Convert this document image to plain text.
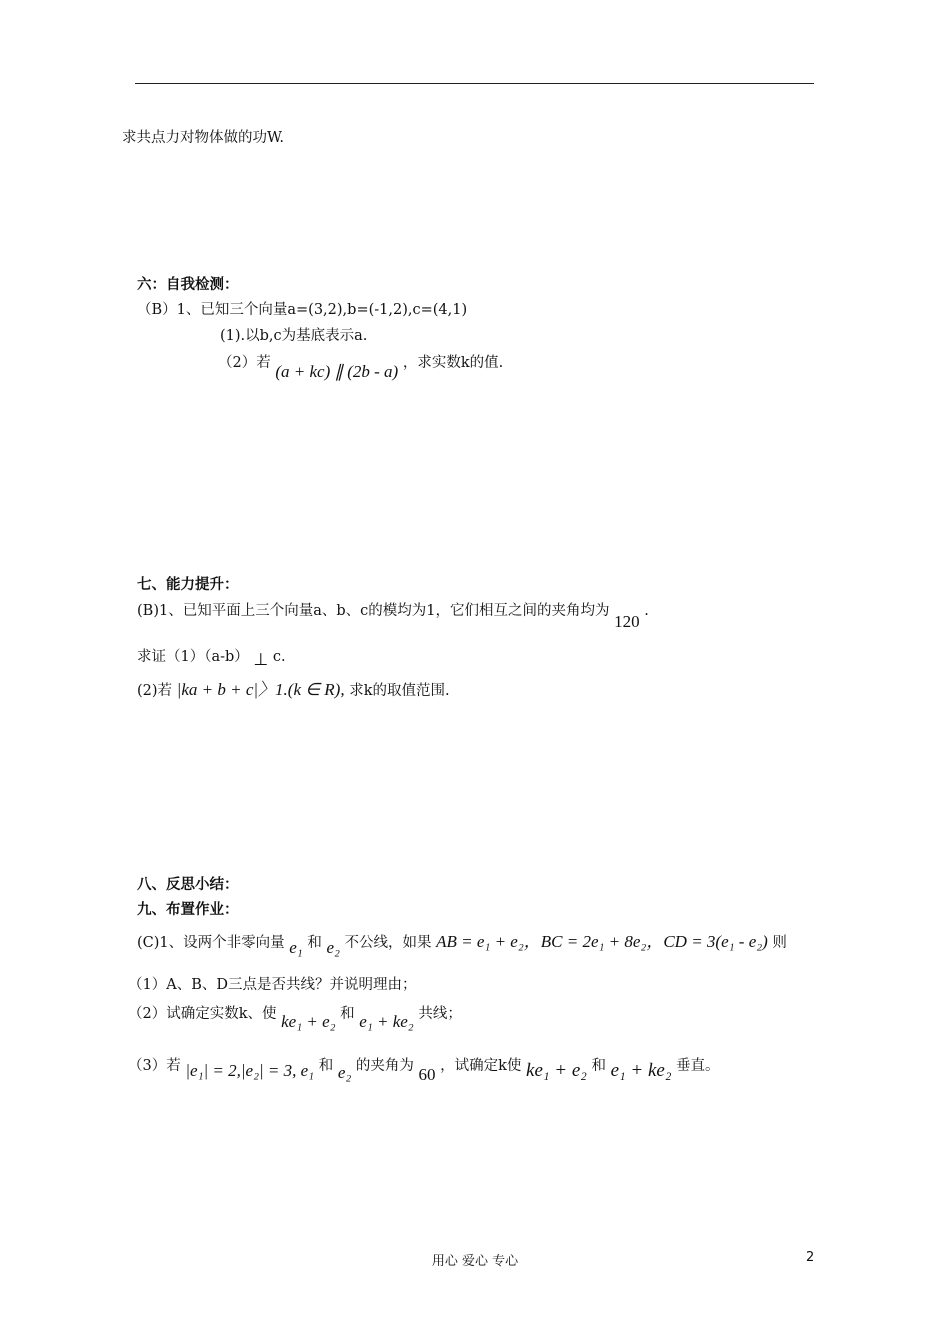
求共点力对物体做的功W.
六：自我检测：
（B）1、已知三个向量a=(3,2),b=(-1,2),c=(4,1)
(1).以b,c为基底表示a.
（2）若 (a + kc) ∥ (2b - a) ，求实数k的值.
七、能力提升：
(B)1、已知平面上三个向量a、b、c的模均为1，它们相互之间的夹角均为 120 .
求证（1）（a-b） ⊥ c.
(2)若 |ka + b + c|〉1.(k ∈ R), 求k的取值范围.
八、反思小结：
九、布置作业：
(C)1、设两个非零向量 e₁ 和 e₂ 不公线，如果 AB = e₁ + e₂，BC = 2e₁ + 8e₂，CD = 3(e₁ - e₂) 则
（1）A、B、D三点是否共线？并说明理由；
（2）试确定实数k、使 ke₁ + e₂ 和 e₁ + ke₂ 共线；
（3）若 |e₁| = 2,|e₂| = 3, e₁ 和 e₂ 的夹角为 60 ，试确定k使 ke₁ + e₂ 和 e₁ + ke₂ 垂直。
用心 爱心 专心	2
